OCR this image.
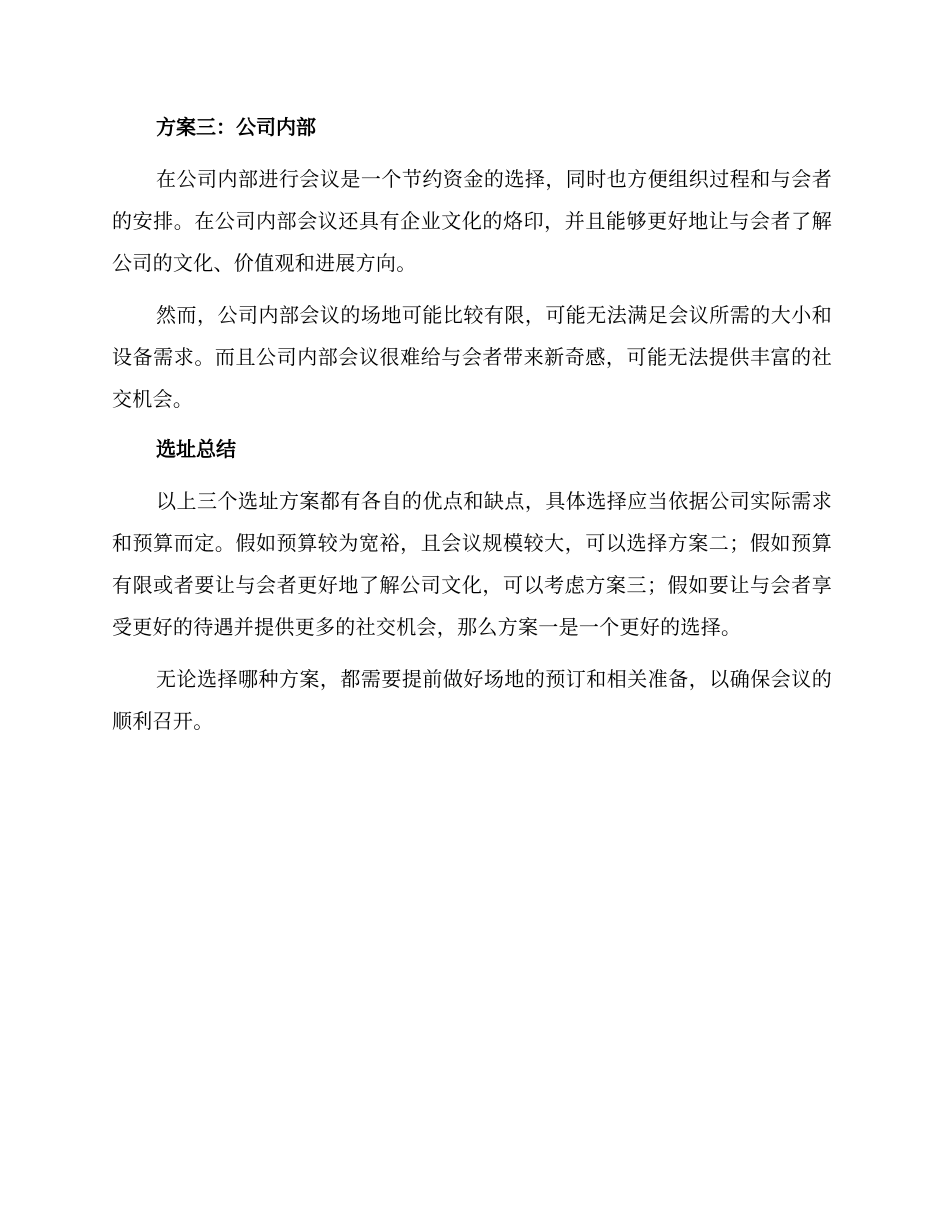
方案三：公司内部

在公司内部进行会议是一个节约资金的选择，同时也方便组织过程和与会者的安排。在公司内部会议还具有企业文化的烙印，并且能够更好地让与会者了解公司的文化、价值观和进展方向。

然而，公司内部会议的场地可能比较有限，可能无法满足会议所需的大小和设备需求。而且公司内部会议很难给与会者带来新奇感，可能无法提供丰富的社交机会。

选址总结

以上三个选址方案都有各自的优点和缺点，具体选择应当依据公司实际需求和预算而定。假如预算较为宽裕，且会议规模较大，可以选择方案二；假如预算有限或者要让与会者更好地了解公司文化，可以考虑方案三；假如要让与会者享受更好的待遇并提供更多的社交机会，那么方案一是一个更好的选择。

无论选择哪种方案，都需要提前做好场地的预订和相关准备，以确保会议的顺利召开。
